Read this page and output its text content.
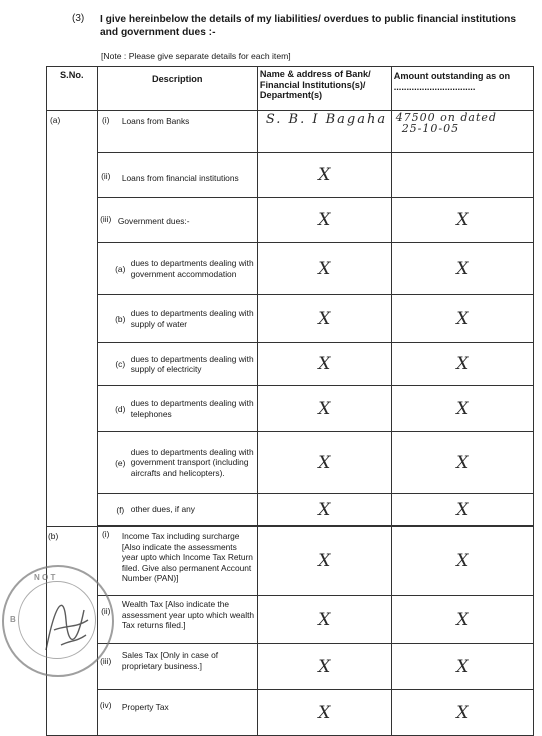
(3) I give hereinbelow the details of my liabilities/ overdues to public financial institutions and government dues :-
[Note : Please give separate details for each item]
S.No.	Description			Name & address of Bank/ Financial Institutions(s)/ Department(s)	Amount outstanding as on ................................
(a)	(i)	Loans from Banks		S. B. I Bagaha	47500 on dated
25-10-05

	(ii)	Loans from financial institutions		X	

	(iii)	Government dues:-		X	X

		(a)	dues to departments dealing with government accommodation	X	X

		(b)	dues to departments dealing with supply of water	X	X

		(c)	dues to departments dealing with supply of electricity	X	X

		(d)	dues to departments dealing with telephones	X	X

		(e)	dues to departments dealing with government transport (including aircrafts and helicopters).	X	X

		(f)	other dues, if any	X	X

(b)	(i)	Income Tax including surcharge [Also indicate the assessments year upto which Income Tax Return filed. Give also permanent Account Number (PAN)]		X	X

	(ii)	Wealth Tax [Also indicate the assessment year upto which wealth Tax returns filed.]		X	X

	(iii)	Sales Tax [Only in case of proprietary business.]		X	X

	(iv)	Property Tax		X	X
N O T
B
